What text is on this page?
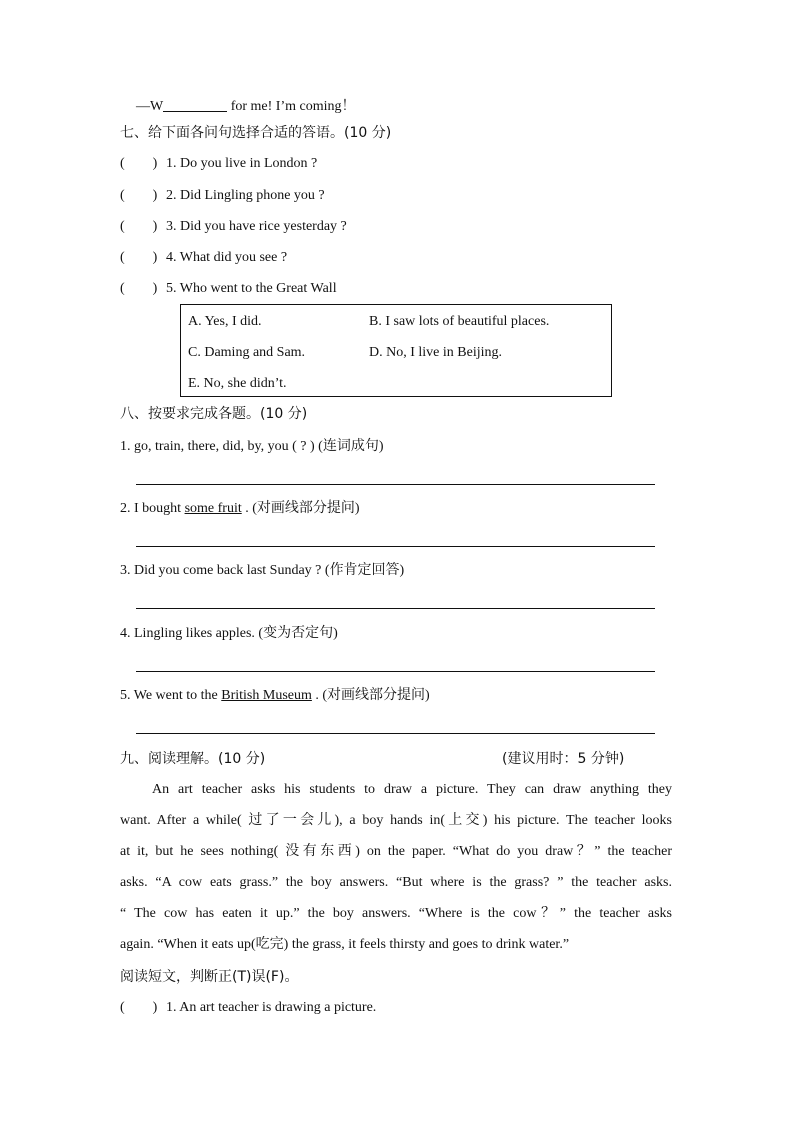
—W	for me! I’m coming！
七、给下面各问句选择合适的答语。(10 分)
(　　) 1. Do you live in London ?
(　　) 2. Did Lingling phone you ?
(　　) 3. Did you have rice yesterday ?
(　　) 4. What did you see ?
(　　) 5. Who went to the Great Wall
A. Yes, I did.	B. I saw lots of beautiful places.
C. Daming and Sam.	D. No, I live in Beijing.
E. No, she didn’t.
八、按要求完成各题。(10 分)
1. go, train, there, did, by, you ( ? ) (连词成句)
2. I bought some fruit . (对画线部分提问)
3. Did you come back last Sunday ? (作肯定回答)
4. Lingling likes apples. (变为否定句)
5. We went to the British Museum . (对画线部分提问)
九、阅读理解。(10 分)	(建议用时：5 分钟)
An art teacher asks his students to draw a picture. They can draw anything they
want. After a while( 过了一会儿), a boy hands in(上交) his picture. The teacher looks
at it, but he sees nothing( 没有东西) on the paper. “What do you draw？” the teacher
asks. “A cow eats grass.” the boy answers. “But where is the grass? ” the teacher asks.
“ The cow has eaten it up.” the boy answers. “Where is the cow？” the teacher asks
again. “When it eats up(吃完) the grass, it feels thirsty and goes to drink water.”
阅读短文，判断正(T)误(F)。
(　　) 1. An art teacher is drawing a picture.
